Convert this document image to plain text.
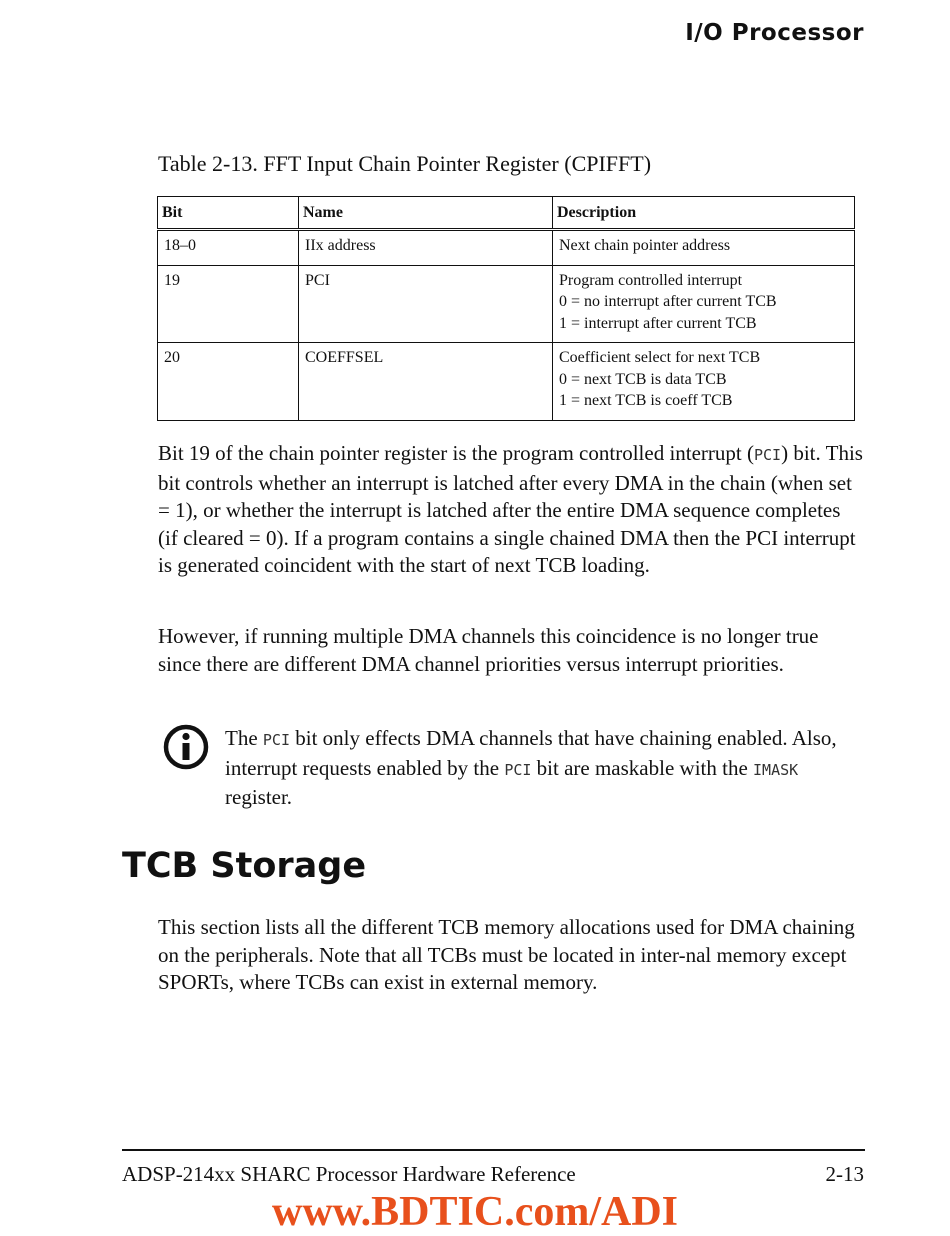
I/O Processor
Table 2-13. FFT Input Chain Pointer Register (CPIFFT)
Bit	Name	Description
18–0	IIx address	Next chain pointer address

19	PCI	Program controlled interrupt
0 = no interrupt after current TCB
1 = interrupt after current TCB

20	COEFFSEL	Coefficient select for next TCB
0 = next TCB is data TCB
1 = next TCB is coeff TCB

Bit 19 of the chain pointer register is the program controlled interrupt (PCI) bit. This bit controls whether an interrupt is latched after every DMA in the chain (when set = 1), or whether the interrupt is latched after the entire DMA sequence completes (if cleared = 0). If a program contains a single chained DMA then the PCI interrupt is generated coincident with the start of next TCB loading.

However, if running multiple DMA channels this coincidence is no longer true since there are different DMA channel priorities versus interrupt priorities.

The PCI bit only effects DMA channels that have chaining enabled. Also, interrupt requests enabled by the PCI bit are maskable with the IMASK register.

TCB Storage

This section lists all the different TCB memory allocations used for DMA chaining on the peripherals. Note that all TCBs must be located in inter-nal memory except SPORTs, where TCBs can exist in external memory.

ADSP-214xx SHARC Processor Hardware Reference	2-13
www.BDTIC.com/ADI
